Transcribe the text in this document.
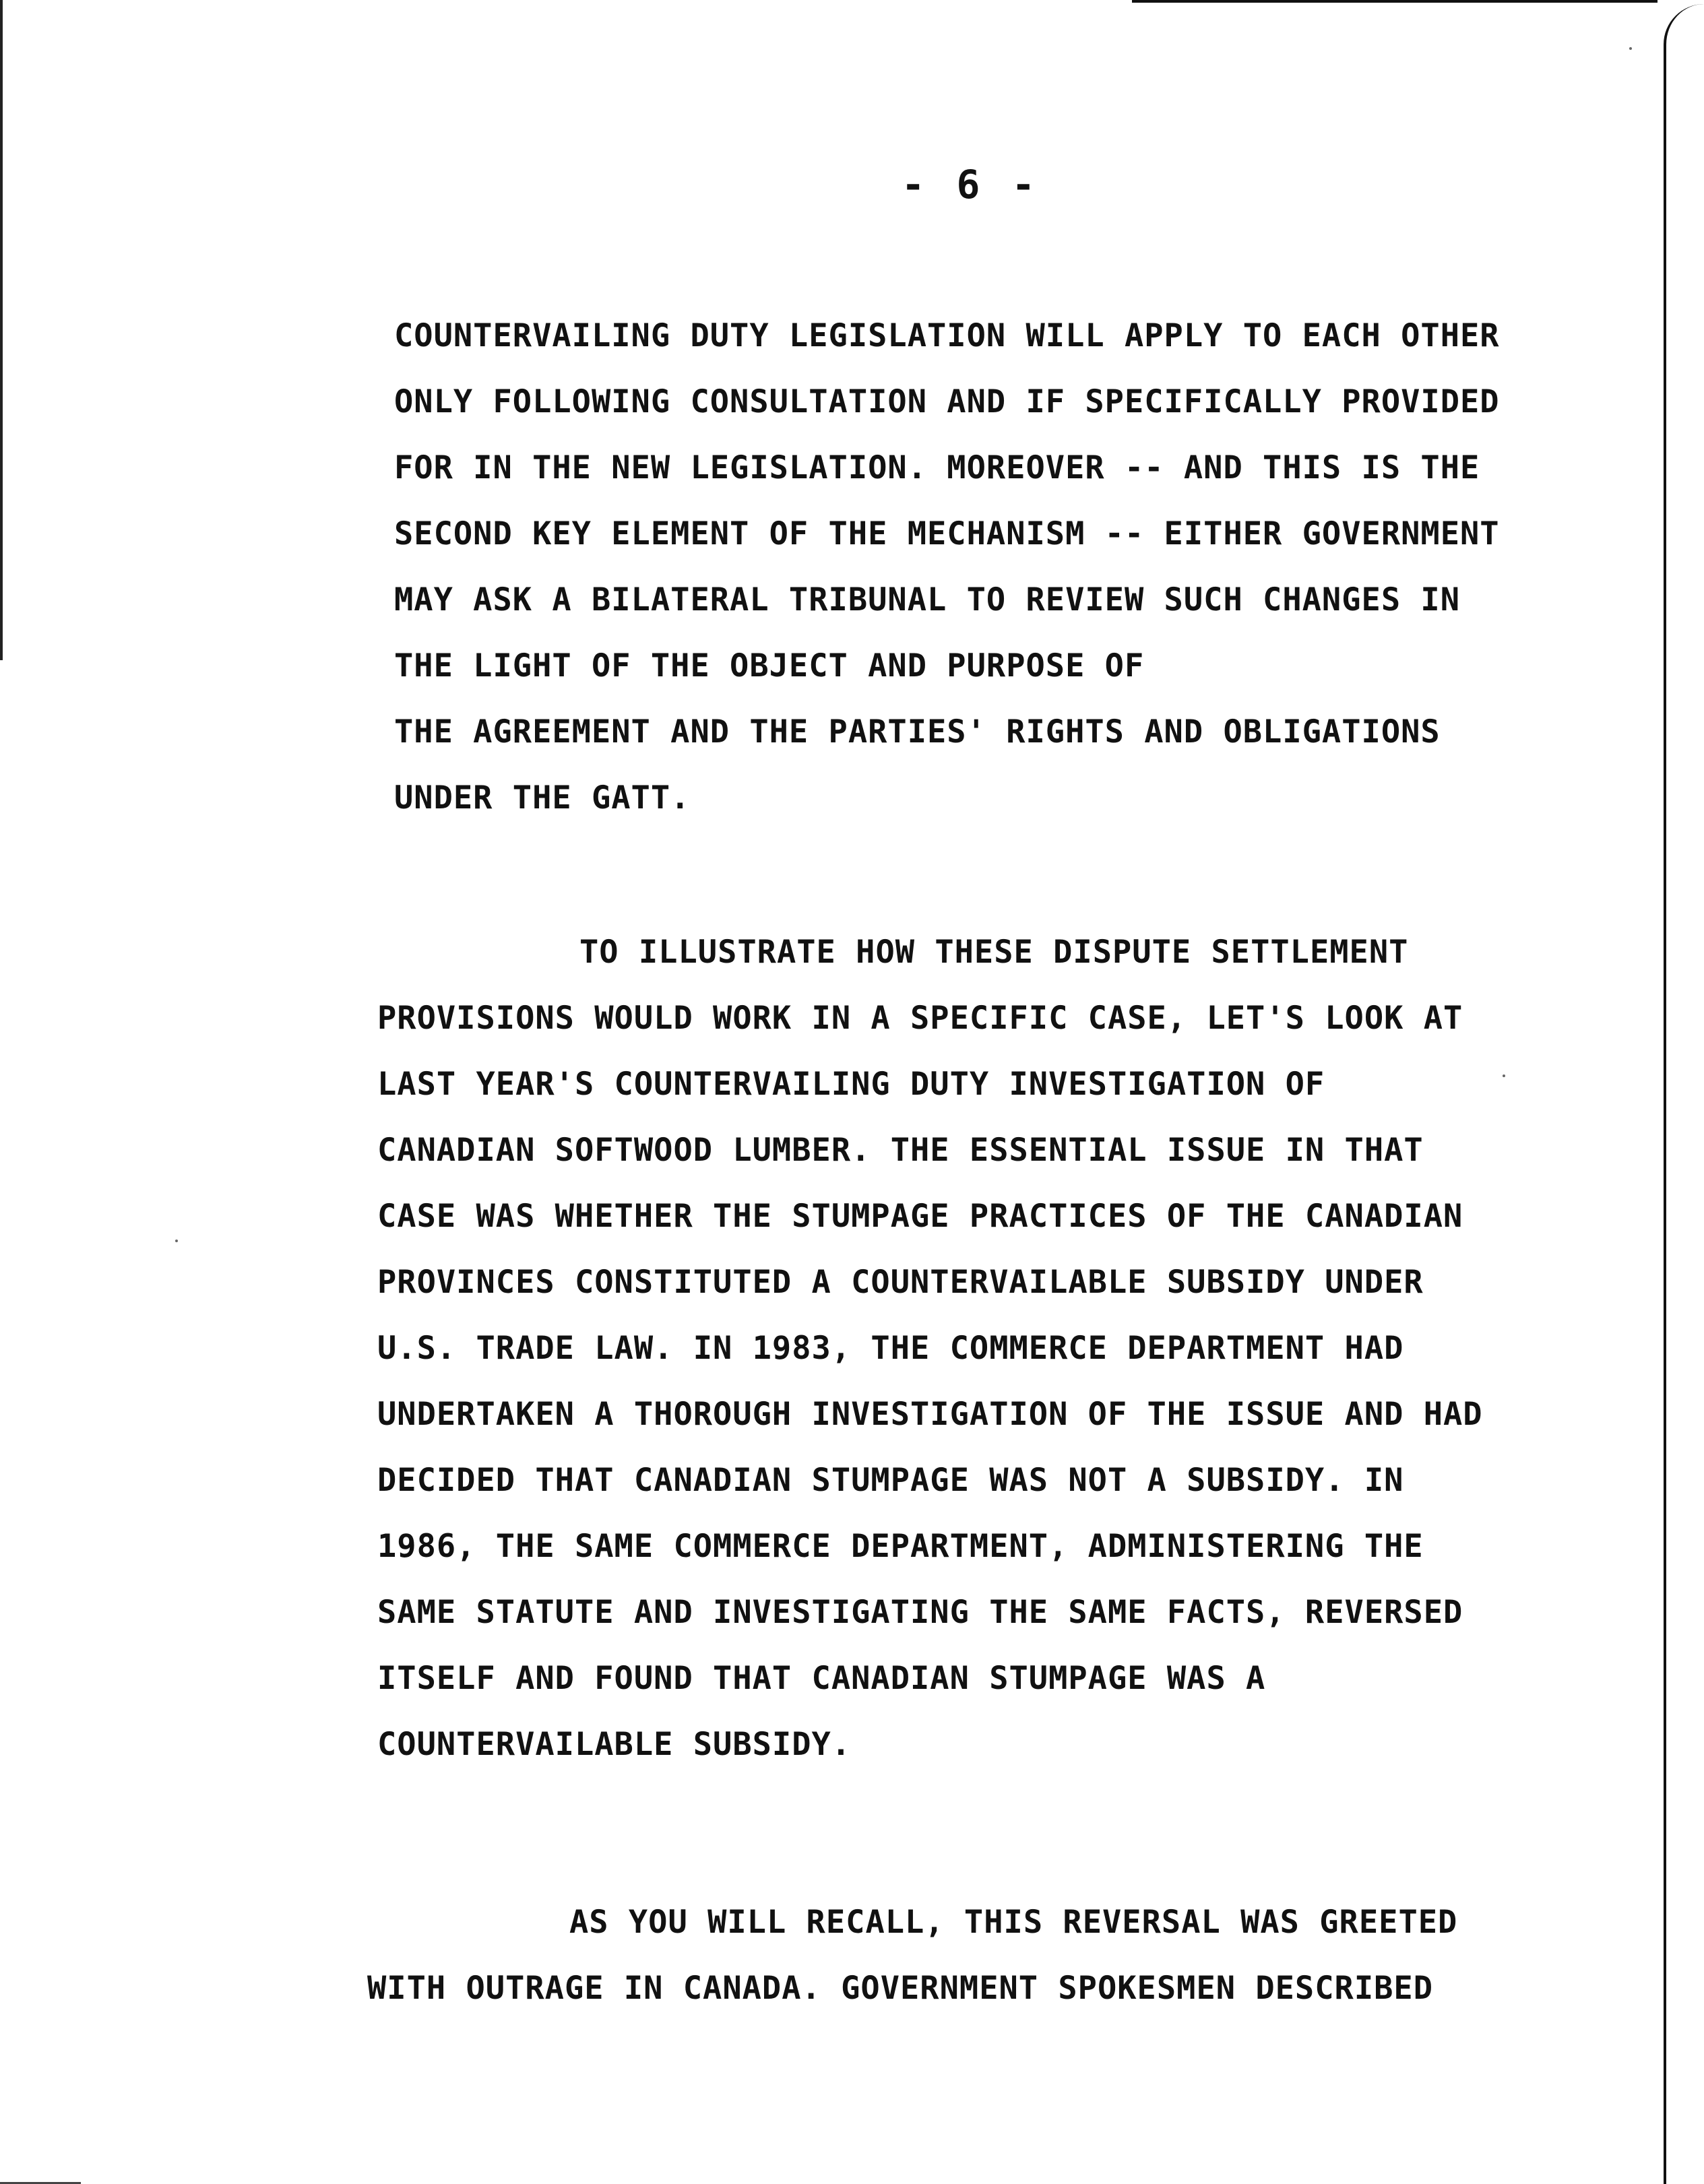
- 6 -
COUNTERVAILING DUTY LEGISLATION WILL APPLY TO EACH OTHER
ONLY FOLLOWING CONSULTATION AND IF SPECIFICALLY PROVIDED
FOR IN THE NEW LEGISLATION. MOREOVER -- AND THIS IS THE
SECOND KEY ELEMENT OF THE MECHANISM -- EITHER GOVERNMENT
MAY ASK A BILATERAL TRIBUNAL TO REVIEW SUCH CHANGES IN
THE LIGHT OF THE OBJECT AND PURPOSE OF
THE AGREEMENT AND THE PARTIES' RIGHTS AND OBLIGATIONS
UNDER THE GATT.
TO ILLUSTRATE HOW THESE DISPUTE SETTLEMENT
PROVISIONS WOULD WORK IN A SPECIFIC CASE, LET'S LOOK AT
LAST YEAR'S COUNTERVAILING DUTY INVESTIGATION OF
CANADIAN SOFTWOOD LUMBER. THE ESSENTIAL ISSUE IN THAT
CASE WAS WHETHER THE STUMPAGE PRACTICES OF THE CANADIAN
PROVINCES CONSTITUTED A COUNTERVAILABLE SUBSIDY UNDER
U.S. TRADE LAW. IN 1983, THE COMMERCE DEPARTMENT HAD
UNDERTAKEN A THOROUGH INVESTIGATION OF THE ISSUE AND HAD
DECIDED THAT CANADIAN STUMPAGE WAS NOT A SUBSIDY. IN
1986, THE SAME COMMERCE DEPARTMENT, ADMINISTERING THE
SAME STATUTE AND INVESTIGATING THE SAME FACTS, REVERSED
ITSELF AND FOUND THAT CANADIAN STUMPAGE WAS A
COUNTERVAILABLE SUBSIDY.
AS YOU WILL RECALL, THIS REVERSAL WAS GREETED
WITH OUTRAGE IN CANADA. GOVERNMENT SPOKESMEN DESCRIBED
